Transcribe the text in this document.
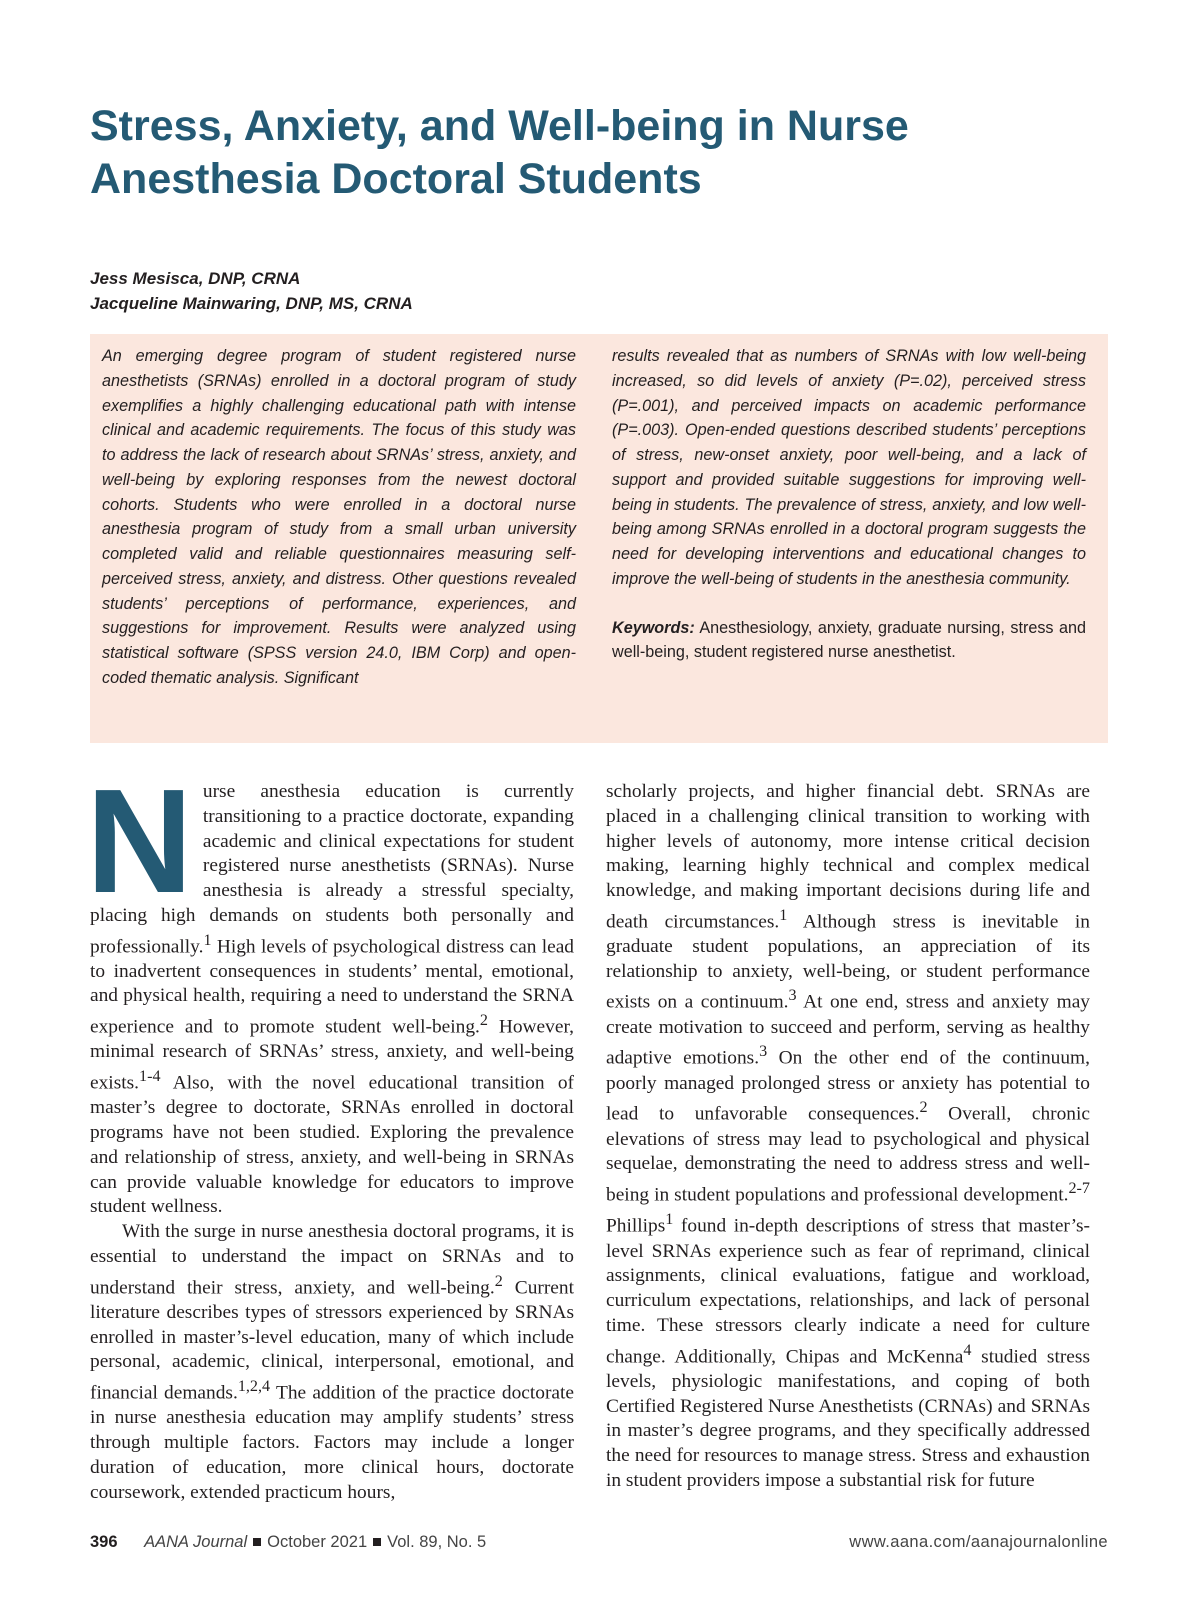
Stress, Anxiety, and Well-being in Nurse Anesthesia Doctoral Students
Jess Mesisca, DNP, CRNA
Jacqueline Mainwaring, DNP, MS, CRNA

An emerging degree program of student registered nurse anesthetists (SRNAs) enrolled in a doctoral program of study exemplifies a highly challenging educational path with intense clinical and academic requirements. The focus of this study was to address the lack of research about SRNAs’ stress, anxiety, and well-being by exploring responses from the newest doctoral cohorts. Students who were enrolled in a doctoral nurse anesthesia program of study from a small urban university completed valid and reliable questionnaires measuring self-perceived stress, anxiety, and distress. Other questions revealed students’ perceptions of performance, experiences, and suggestions for improvement. Results were analyzed using statistical software (SPSS version 24.0, IBM Corp) and open-coded thematic analysis. Significant

results revealed that as numbers of SRNAs with low well-being increased, so did levels of anxiety (P=.02), perceived stress (P=.001), and perceived impacts on academic performance (P=.003). Open-ended questions described students’ perceptions of stress, new-onset anxiety, poor well-being, and a lack of support and provided suitable suggestions for improving well-being in students. The prevalence of stress, anxiety, and low well-being among SRNAs enrolled in a doctoral program suggests the need for developing interventions and educational changes to improve the well-being of students in the anesthesia community.
Keywords: Anesthesiology, anxiety, graduate nursing, stress and well-being, student registered nurse anesthetist.

Nurse anesthesia education is currently transitioning to a practice doctorate, expanding academic and clinical expectations for student registered nurse anesthetists (SRNAs). Nurse anesthesia is already a stressful specialty, placing high demands on students both personally and professionally.$^1$ High levels of psychological distress can lead to inadvertent consequences in students’ mental, emotional, and physical health, requiring a need to understand the SRNA experience and to promote student well-being.$^2$ However, minimal research of SRNAs’ stress, anxiety, and well-being exists.$^{1-4}$ Also, with the novel educational transition of master’s degree to doctorate, SRNAs enrolled in doctoral programs have not been studied. Exploring the prevalence and relationship of stress, anxiety, and well-being in SRNAs can provide valuable knowledge for educators to improve student wellness.

With the surge in nurse anesthesia doctoral programs, it is essential to understand the impact on SRNAs and to understand their stress, anxiety, and well-being.$^2$ Current literature describes types of stressors experienced by SRNAs enrolled in master’s-level education, many of which include personal, academic, clinical, interpersonal, emotional, and financial demands.$^{1,2,4}$ The addition of the practice doctorate in nurse anesthesia education may amplify students’ stress through multiple factors. Factors may include a longer duration of education, more clinical hours, doctorate coursework, extended practicum hours,

scholarly projects, and higher financial debt. SRNAs are placed in a challenging clinical transition to working with higher levels of autonomy, more intense critical decision making, learning highly technical and complex medical knowledge, and making important decisions during life and death circumstances.$^1$ Although stress is inevitable in graduate student populations, an appreciation of its relationship to anxiety, well-being, or student performance exists on a continuum.$^3$ At one end, stress and anxiety may create motivation to succeed and perform, serving as healthy adaptive emotions.$^3$ On the other end of the continuum, poorly managed prolonged stress or anxiety has potential to lead to unfavorable consequences.$^2$ Overall, chronic elevations of stress may lead to psychological and physical sequelae, demonstrating the need to address stress and well-being in student populations and professional development.$^{2-7}$ Phillips$^1$ found in-depth descriptions of stress that master’s-level SRNAs experience such as fear of reprimand, clinical assignments, clinical evaluations, fatigue and workload, curriculum expectations, relationships, and lack of personal time. These stressors clearly indicate a need for culture change. Additionally, Chipas and McKenna$^4$ studied stress levels, physiologic manifestations, and coping of both Certified Registered Nurse Anesthetists (CRNAs) and SRNAs in master’s degree programs, and they specifically addressed the need for resources to manage stress. Stress and exhaustion in student providers impose a substantial risk for future

396 AANA Journal October 2021 Vol. 89, No. 5	www.aana.com/aanajournalonline
